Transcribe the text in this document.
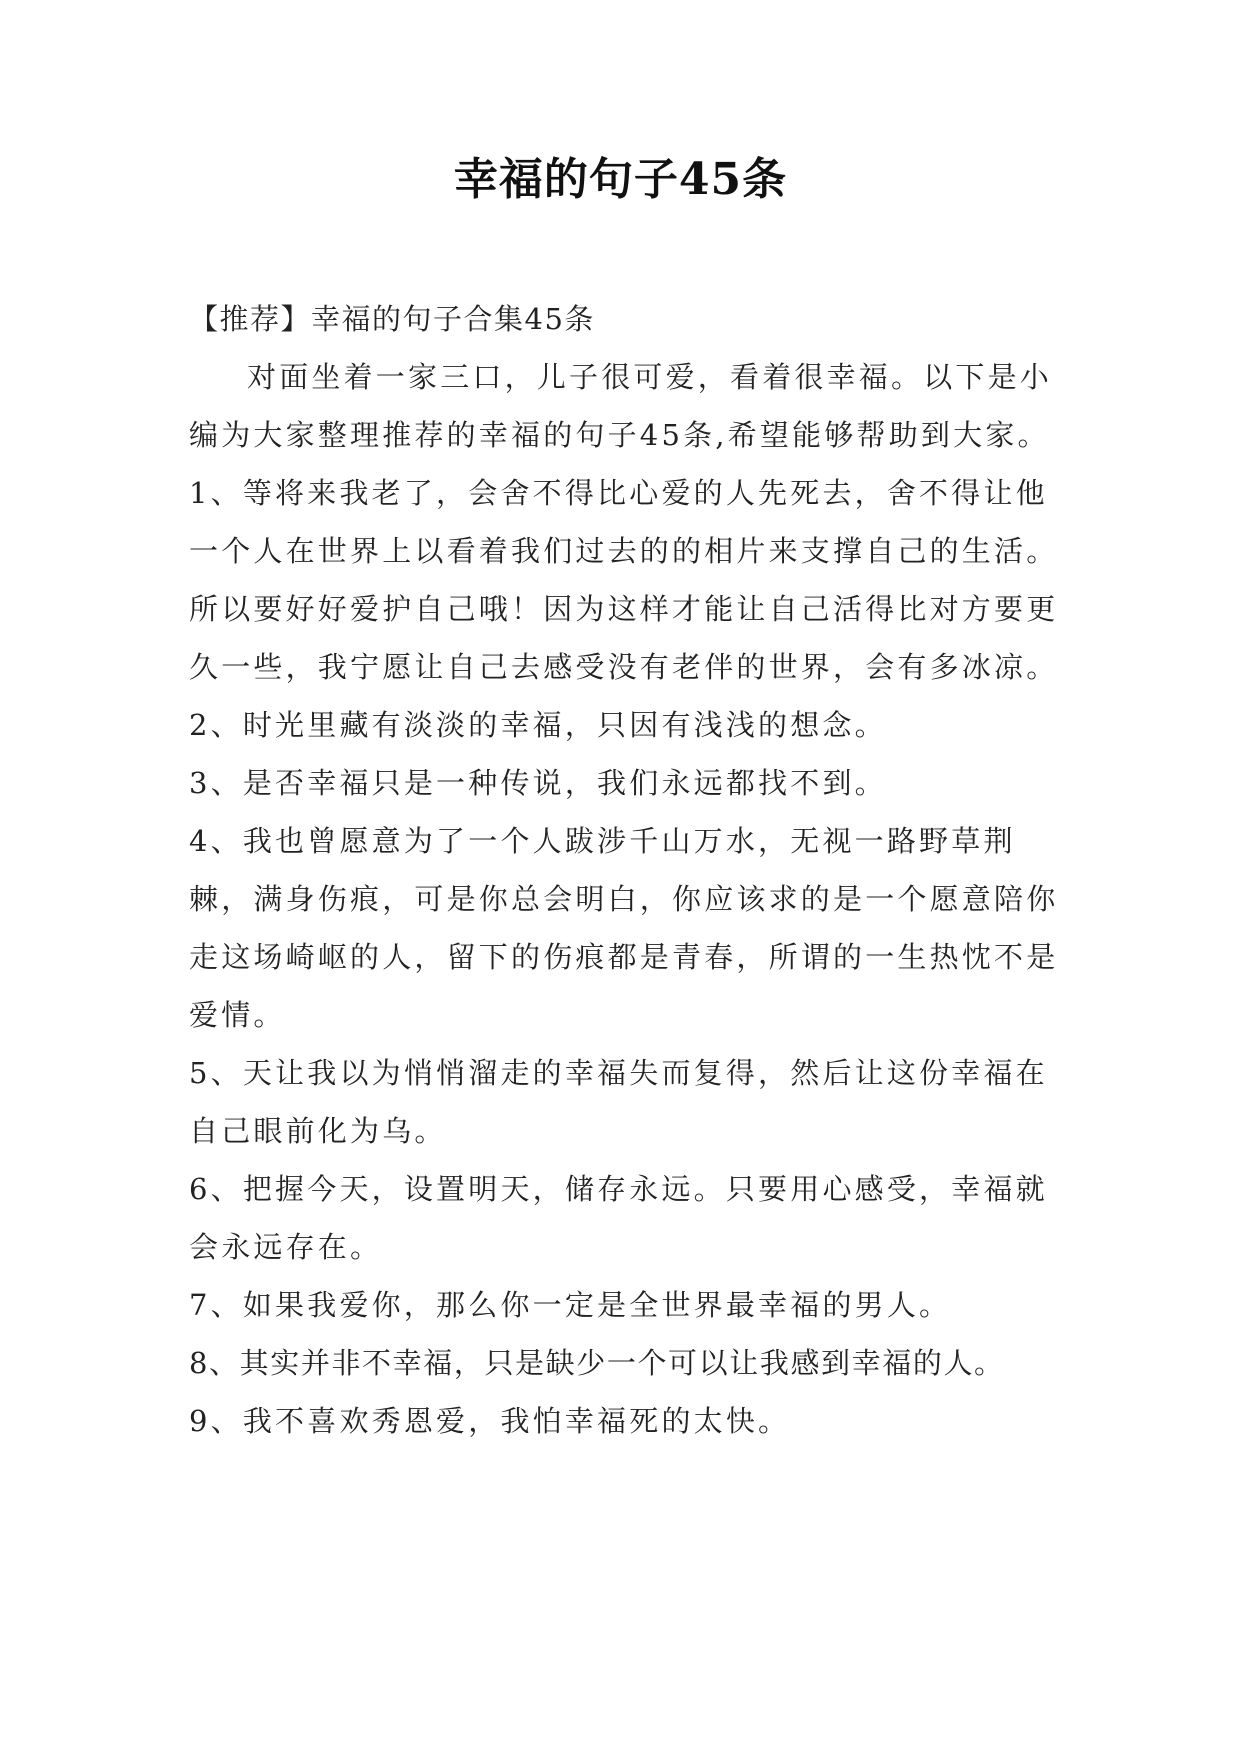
幸福的句子45条

【推荐】幸福的句子合集45条

对面坐着一家三口，儿子很可爱，看着很幸福。以下是小编为大家整理推荐的幸福的句子45条,希望能够帮助到大家。

1、等将来我老了，会舍不得比心爱的人先死去，舍不得让他一个人在世界上以看着我们过去的的相片来支撑自己的生活。所以要好好爱护自己哦！因为这样才能让自己活得比对方要更久一些，我宁愿让自己去感受没有老伴的世界，会有多冰凉。

2、时光里藏有淡淡的幸福，只因有浅浅的想念。

3、是否幸福只是一种传说，我们永远都找不到。

4、我也曾愿意为了一个人跋涉千山万水，无视一路野草荆棘，满身伤痕，可是你总会明白，你应该求的是一个愿意陪你走这场崎岖的人，留下的伤痕都是青春，所谓的一生热忱不是爱情。

5、天让我以为悄悄溜走的幸福失而复得，然后让这份幸福在自己眼前化为乌。

6、把握今天，设置明天，储存永远。只要用心感受，幸福就会永远存在。

7、如果我爱你，那么你一定是全世界最幸福的男人。

8、其实并非不幸福，只是缺少一个可以让我感到幸福的人。

9、我不喜欢秀恩爱，我怕幸福死的太快。
